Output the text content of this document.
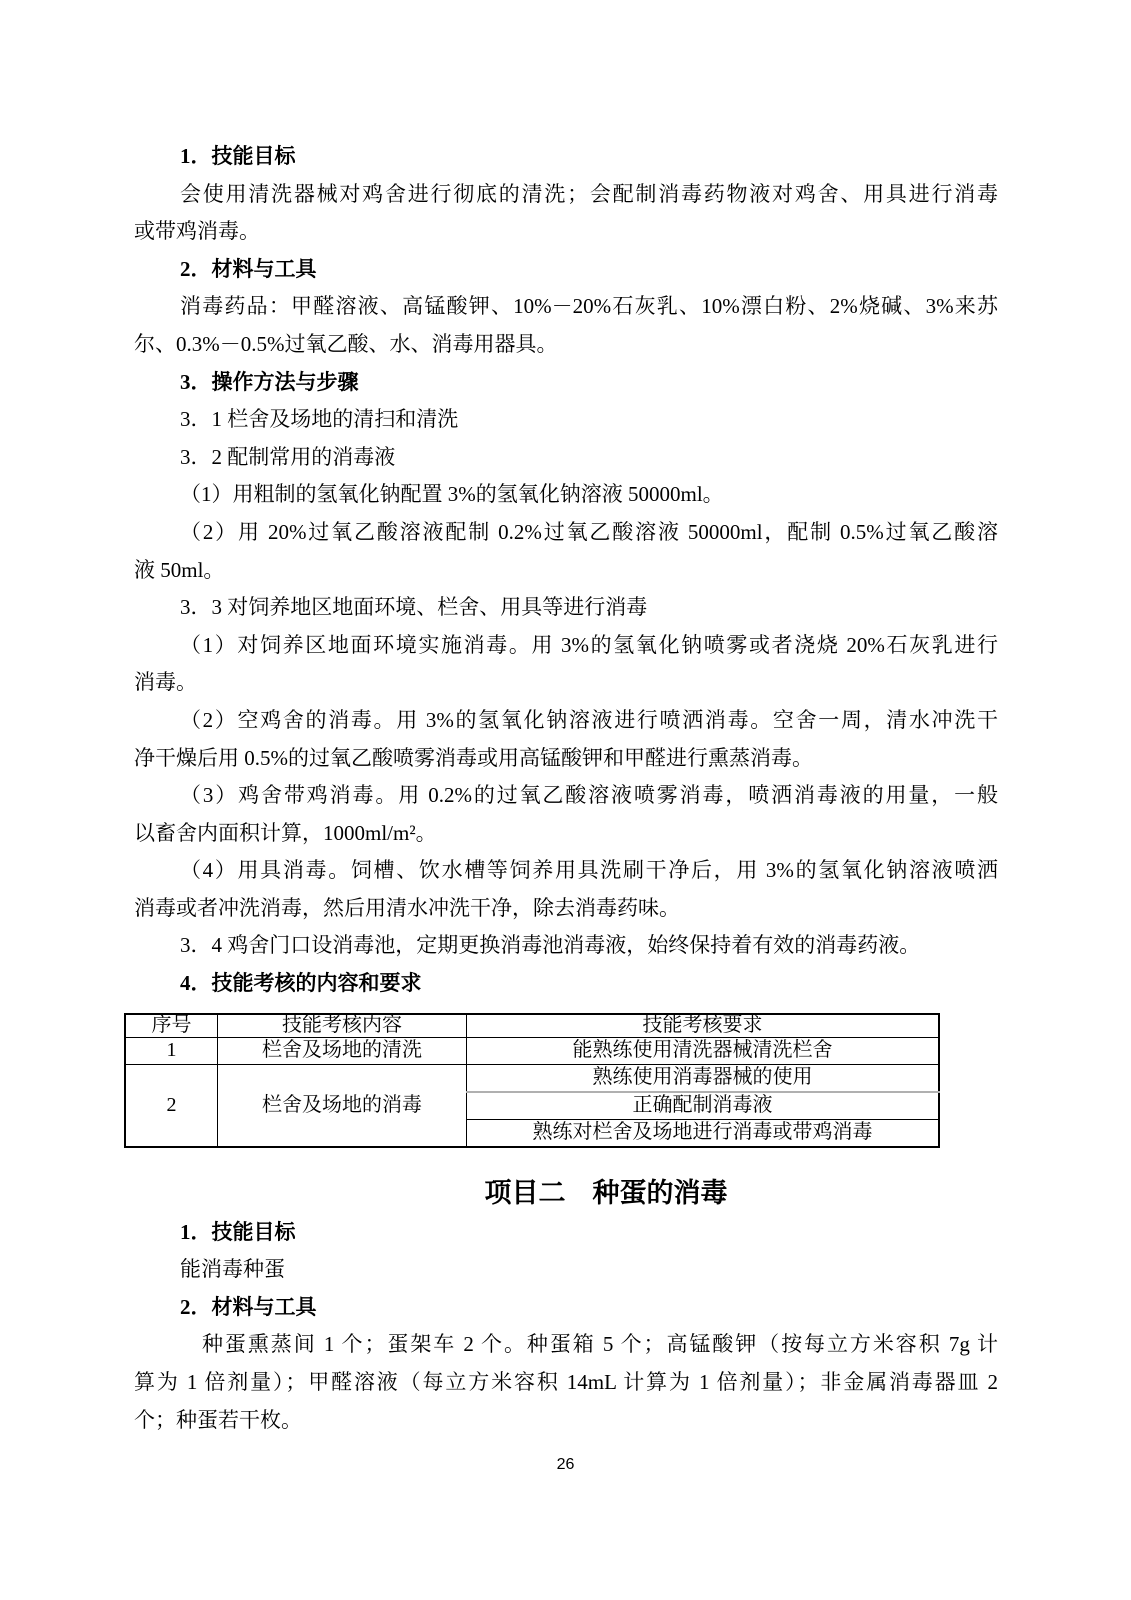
1．技能目标
会使用清洗器械对鸡舍进行彻底的清洗；会配制消毒药物液对鸡舍、用具进行消毒
或带鸡消毒。
2．材料与工具
消毒药品：甲醛溶液、高锰酸钾、10%－20%石灰乳、10%漂白粉、2%烧碱、3%来苏
尔、0.3%－0.5%过氧乙酸、水、消毒用器具。
3．操作方法与步骤
3．1 栏舍及场地的清扫和清洗
3．2 配制常用的消毒液
（1）用粗制的氢氧化钠配置 3%的氢氧化钠溶液 50000ml。
（2）用 20%过氧乙酸溶液配制 0.2%过氧乙酸溶液 50000ml，配制 0.5%过氧乙酸溶
液 50ml。
3．3 对饲养地区地面环境、栏舍、用具等进行消毒
（1）对饲养区地面环境实施消毒。用 3%的氢氧化钠喷雾或者浇烧 20%石灰乳进行
消毒。
（2）空鸡舍的消毒。用 3%的氢氧化钠溶液进行喷洒消毒。空舍一周，清水冲洗干
净干燥后用 0.5%的过氧乙酸喷雾消毒或用高锰酸钾和甲醛进行熏蒸消毒。
（3）鸡舍带鸡消毒。用 0.2%的过氧乙酸溶液喷雾消毒，喷洒消毒液的用量，一般
以畜舍内面积计算，1000ml/m²。
（4）用具消毒。饲槽、饮水槽等饲养用具洗刷干净后，用 3%的氢氧化钠溶液喷洒
消毒或者冲洗消毒，然后用清水冲洗干净，除去消毒药味。
3．4 鸡舍门口设消毒池，定期更换消毒池消毒液，始终保持着有效的消毒药液。
4．技能考核的内容和要求
序号	技能考核内容	技能考核要求
1	栏舍及场地的清洗	能熟练使用清洗器械清洗栏舍
2	栏舍及场地的消毒	熟练使用消毒器械的使用
		正确配制消毒液
		熟练对栏舍及场地进行消毒或带鸡消毒
项目二　种蛋的消毒
1．技能目标
能消毒种蛋
2．材料与工具
种蛋熏蒸间 1 个；蛋架车 2 个。种蛋箱 5 个；高锰酸钾（按每立方米容积 7g 计
算为 1 倍剂量）；甲醛溶液（每立方米容积 14mL 计算为 1 倍剂量）；非金属消毒器皿 2
个；种蛋若干枚。
26
